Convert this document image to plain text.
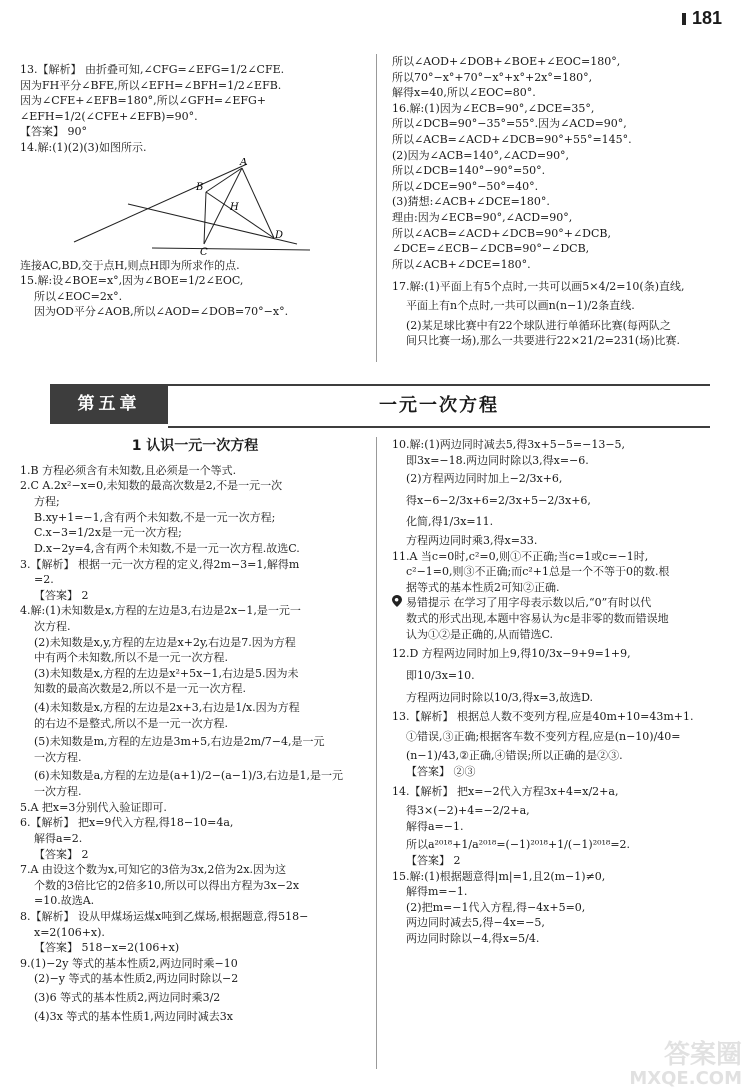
181

13.【解析】 由折叠可知,∠CFG=∠EFG=1/2∠CFE.

因为FH平分∠BFE,所以∠EFH=∠BFH=1/2∠EFB.

因为∠CFE+∠EFB=180°,所以∠GFH=∠EFG+

∠EFH=1/2(∠CFE+∠EFB)=90°.

【答案】 90°

14.解:(1)(2)(3)如图所示.

A
B
H
C
D

连接AC,BD,交于点H,则点H即为所求作的点.

15.解:设∠BOE=x°,因为∠BOE=1/2∠EOC,

所以∠EOC=2x°.

因为OD平分∠AOB,所以∠AOD=∠DOB=70°−x°.

所以∠AOD+∠DOB+∠BOE+∠EOC=180°,

所以70°−x°+70°−x°+x°+2x°=180°,

解得x=40,所以∠EOC=80°.

16.解:(1)因为∠ECB=90°,∠DCE=35°,

所以∠DCB=90°−35°=55°.因为∠ACD=90°,

所以∠ACB=∠ACD+∠DCB=90°+55°=145°.

(2)因为∠ACB=140°,∠ACD=90°,

所以∠DCB=140°−90°=50°.

所以∠DCE=90°−50°=40°.

(3)猜想:∠ACB+∠DCE=180°.

理由:因为∠ECB=90°,∠ACD=90°,

所以∠ACB=∠ACD+∠DCB=90°+∠DCB,

∠DCE=∠ECB−∠DCB=90°−∠DCB,

所以∠ACB+∠DCE=180°.

17.解:(1)平面上有5个点时,一共可以画5×4/2=10(条)直线,

平面上有n个点时,一共可以画n(n−1)/2条直线.

(2)某足球比赛中有22个球队进行单循环比赛(每两队之

间只比赛一场),那么一共要进行22×21/2=231(场)比赛.

第五章	一元一次方程
1 认识一元一次方程

1.B 方程必须含有未知数,且必须是一个等式.

2.C A.2x²−x=0,未知数的最高次数是2,不是一元一次

方程;

B.xy+1=−1,含有两个未知数,不是一元一次方程;

C.x−3=1/2x是一元一次方程;

D.x−2y=4,含有两个未知数,不是一元一次方程.故选C.

3.【解析】 根据一元一次方程的定义,得2m−3=1,解得m

=2.

【答案】 2

4.解:(1)未知数是x,方程的左边是3,右边是2x−1,是一元一

次方程.

(2)未知数是x,y,方程的左边是x+2y,右边是7.因为方程

中有两个未知数,所以不是一元一次方程.

(3)未知数是x,方程的左边是x²+5x−1,右边是5.因为未

知数的最高次数是2,所以不是一元一次方程.

(4)未知数是x,方程的左边是2x+3,右边是1/x.因为方程

的右边不是整式,所以不是一元一次方程.

(5)未知数是m,方程的左边是3m+5,右边是2m/7−4,是一元

一次方程.

(6)未知数是a,方程的左边是(a+1)/2−(a−1)/3,右边是1,是一元

一次方程.

5.A 把x=3分别代入验证即可.

6.【解析】 把x=9代入方程,得18−10=4a,

解得a=2.

【答案】 2

7.A 由设这个数为x,可知它的3倍为3x,2倍为2x.因为这

个数的3倍比它的2倍多10,所以可以得出方程为3x−2x

=10.故选A.

8.【解析】 设从甲煤场运煤x吨到乙煤场,根据题意,得518−

x=2(106+x).

【答案】 518−x=2(106+x)

9.(1)−2y 等式的基本性质2,两边同时乘−10

(2)−y 等式的基本性质2,两边同时除以−2

(3)6 等式的基本性质2,两边同时乘3/2

(4)3x 等式的基本性质1,两边同时减去3x

10.解:(1)两边同时减去5,得3x+5−5=−13−5,

即3x=−18.两边同时除以3,得x=−6.

(2)方程两边同时加上−2/3x+6,

得x−6−2/3x+6=2/3x+5−2/3x+6,

化简,得1/3x=11.

方程两边同时乘3,得x=33.

11.A 当c=0时,c²=0,则①不正确;当c=1或c=−1时,

c²−1=0,则③不正确;而c²+1总是一个不等于0的数.根

据等式的基本性质2可知②正确.

易错提示 在学习了用字母表示数以后,“0”有时以代

数式的形式出现,本题中容易认为c是非零的数而错误地

认为①②是正确的,从而错选C.

12.D 方程两边同时加上9,得10/3x−9+9=1+9,

即10/3x=10.

方程两边同时除以10/3,得x=3,故选D.

13.【解析】 根据总人数不变列方程,应是40m+10=43m+1.

①错误,③正确;根据客车数不变列方程,应是(n−10)/40=

(n−1)/43,②正确,④错误;所以正确的是②③.

【答案】 ②③

14.【解析】 把x=−2代入方程3x+4=x/2+a,

得3×(−2)+4=−2/2+a,

解得a=−1.

所以a²⁰¹⁸+1/a²⁰¹⁸=(−1)²⁰¹⁸+1/(−1)²⁰¹⁸=2.

【答案】 2

15.解:(1)根据题意得|m|=1,且2(m−1)≠0,

解得m=−1.

(2)把m=−1代入方程,得−4x+5=0,

两边同时减去5,得−4x=−5,

两边同时除以−4,得x=5/4.

答案圈
MXQE.COM
